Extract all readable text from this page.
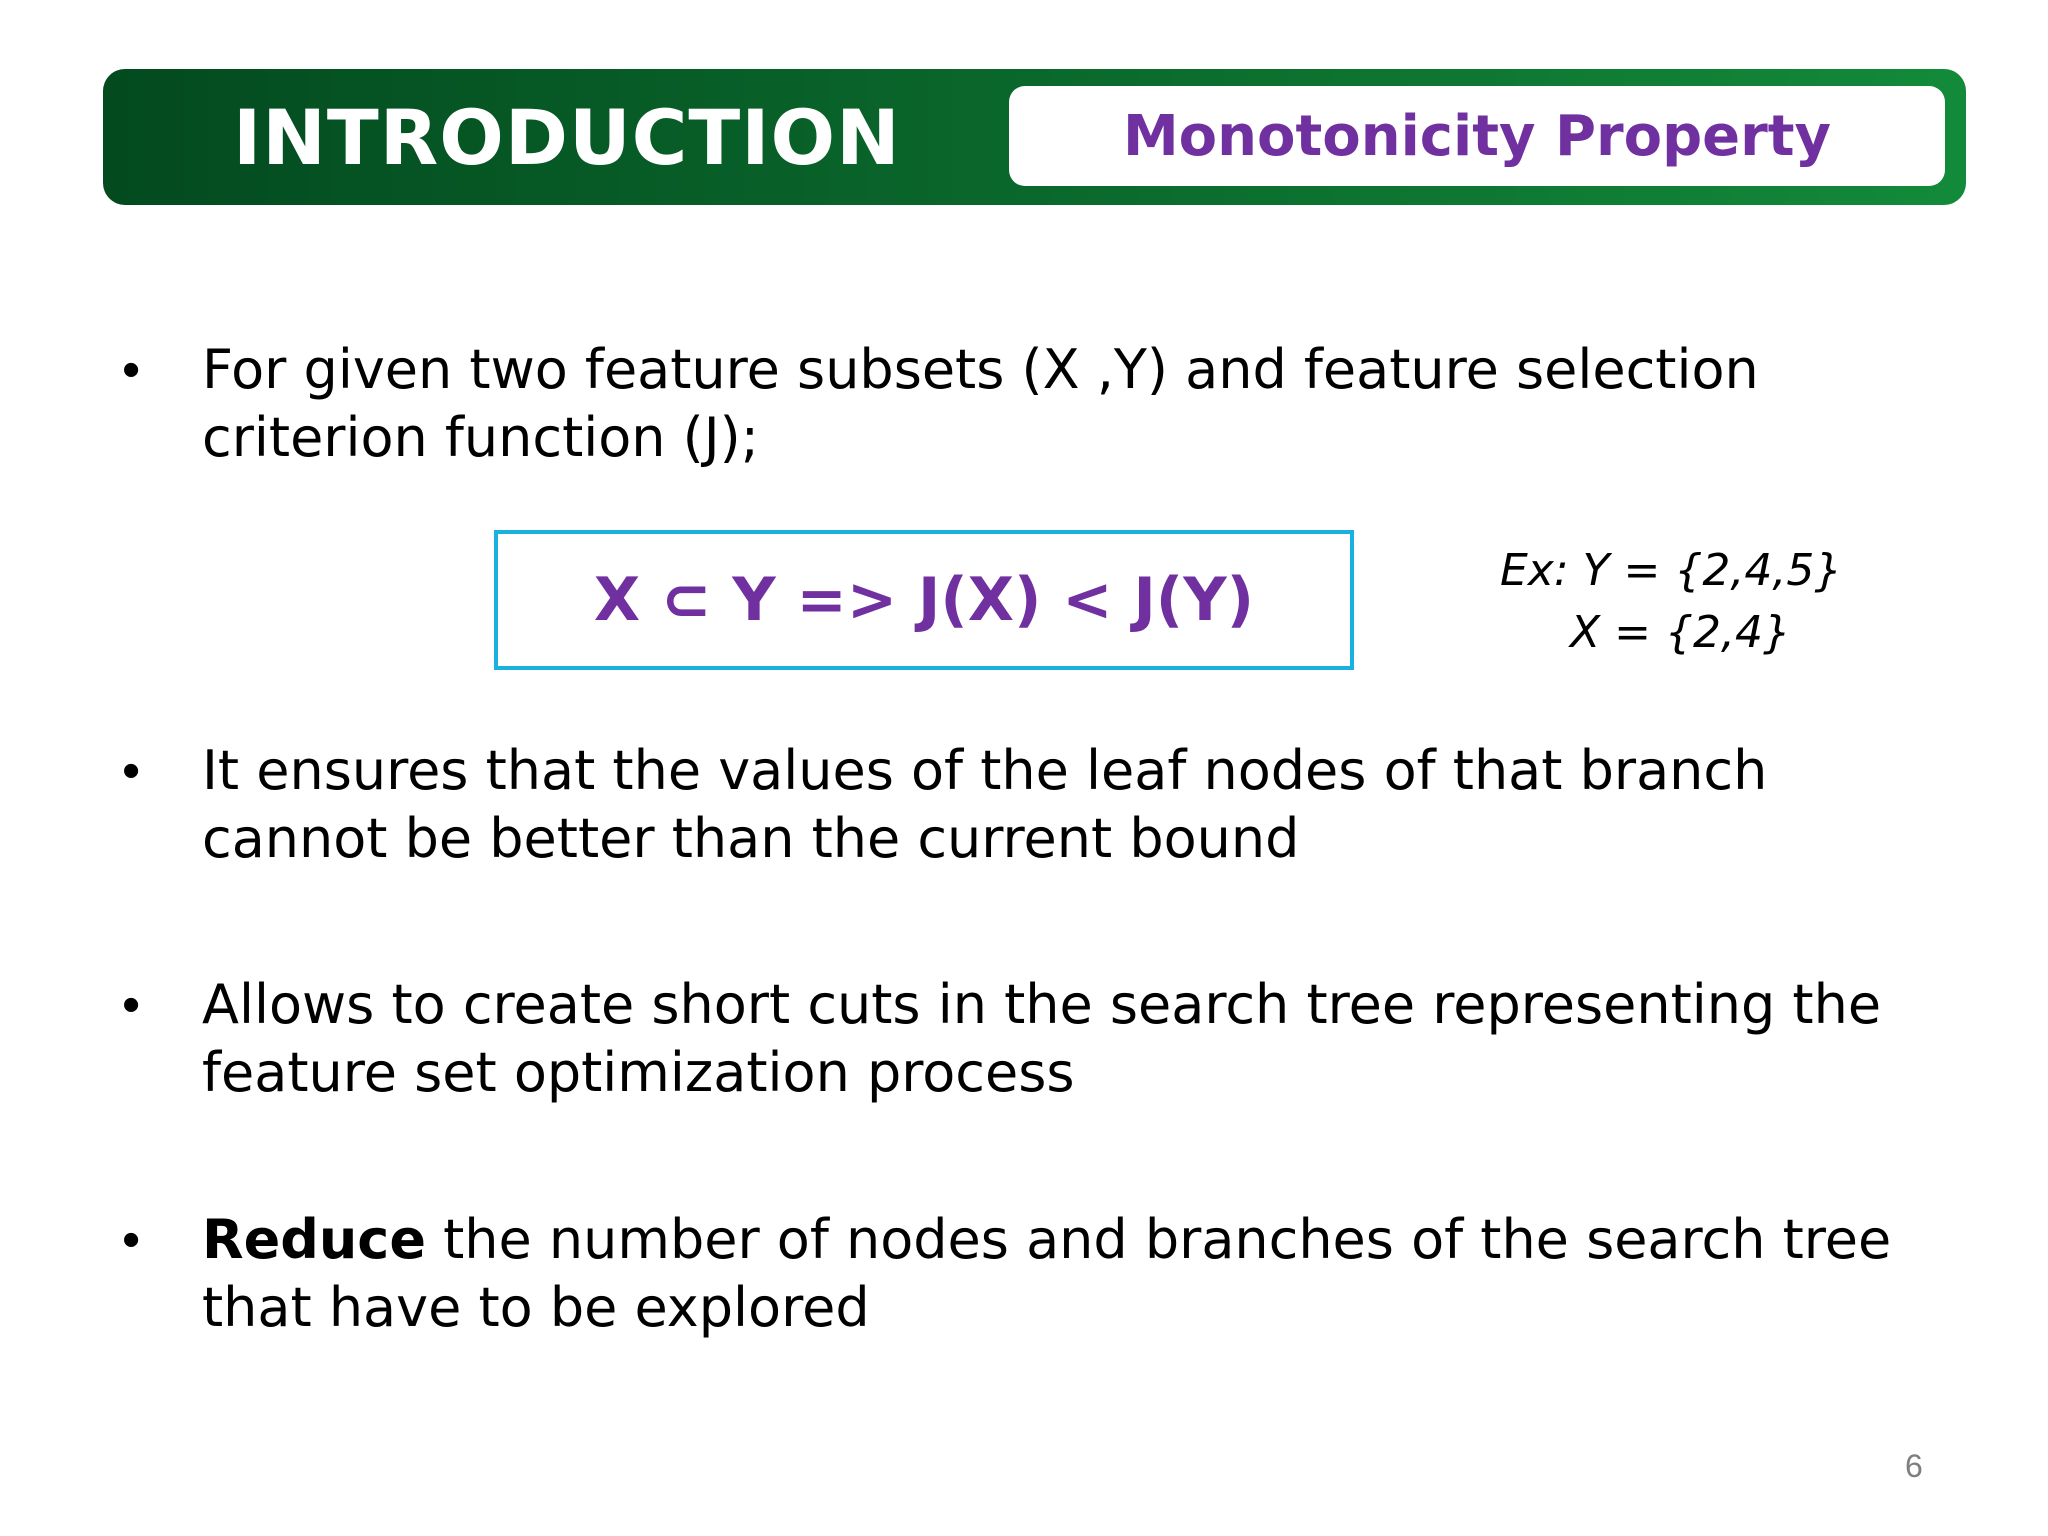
INTRODUCTION	Monotonicity Property
•	For given two feature subsets (X ,Y) and feature selection criterion function (J);
X ⊂ Y => J(X) < J(Y)	Ex: Y = {2,4,5}
X = {2,4}
•	It ensures that the values of the leaf nodes of that branch cannot be better than the current bound
•	Allows to create short cuts in the search tree representing the feature set optimization process
•	Reduce the number of nodes and branches of the search tree that have to be explored
6
